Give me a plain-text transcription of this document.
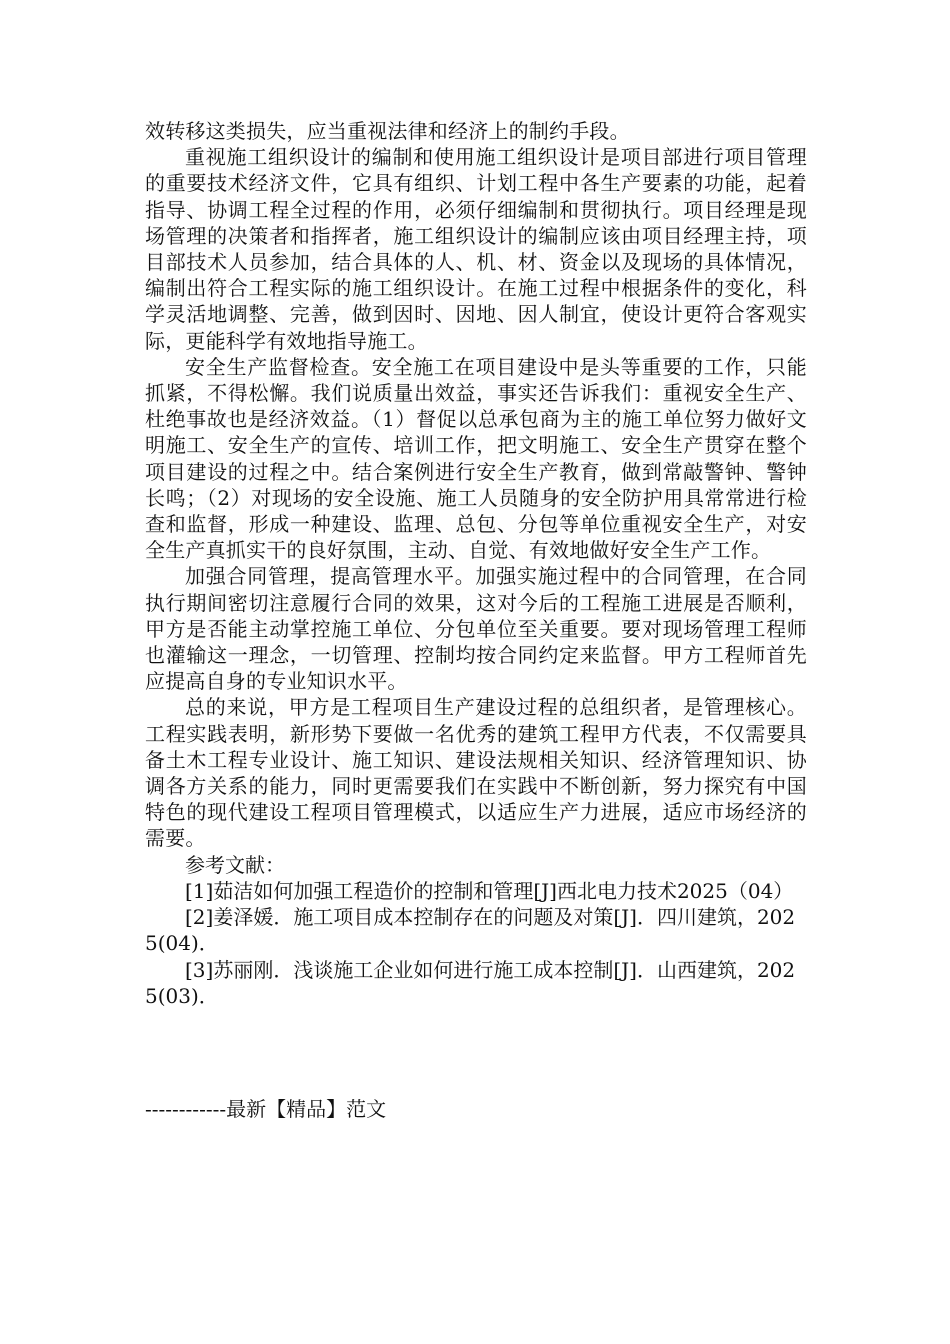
效转移这类损失，应当重视法律和经济上的制约手段。

重视施工组织设计的编制和使用施工组织设计是项目部进行项目管理的重要技术经济文件，它具有组织、计划工程中各生产要素的功能，起着指导、协调工程全过程的作用，必须仔细编制和贯彻执行。项目经理是现场管理的决策者和指挥者，施工组织设计的编制应该由项目经理主持，项目部技术人员参加，结合具体的人、机、材、资金以及现场的具体情况，编制出符合工程实际的施工组织设计。在施工过程中根据条件的变化，科学灵活地调整、完善，做到因时、因地、因人制宜，使设计更符合客观实际，更能科学有效地指导施工。

安全生产监督检查。安全施工在项目建设中是头等重要的工作，只能抓紧，不得松懈。我们说质量出效益，事实还告诉我们：重视安全生产、杜绝事故也是经济效益。（1）督促以总承包商为主的施工单位努力做好文明施工、安全生产的宣传、培训工作，把文明施工、安全生产贯穿在整个项目建设的过程之中。结合案例进行安全生产教育，做到常敲警钟、警钟长鸣；（2）对现场的安全设施、施工人员随身的安全防护用具常常进行检查和监督，形成一种建设、监理、总包、分包等单位重视安全生产，对安全生产真抓实干的良好氛围，主动、自觉、有效地做好安全生产工作。

加强合同管理，提高管理水平。加强实施过程中的合同管理，在合同执行期间密切注意履行合同的效果，这对今后的工程施工进展是否顺利，甲方是否能主动掌控施工单位、分包单位至关重要。要对现场管理工程师也灌输这一理念，一切管理、控制均按合同约定来监督。甲方工程师首先应提高自身的专业知识水平。

总的来说，甲方是工程项目生产建设过程的总组织者，是管理核心。工程实践表明，新形势下要做一名优秀的建筑工程甲方代表，不仅需要具备土木工程专业设计、施工知识、建设法规相关知识、经济管理知识、协调各方关系的能力，同时更需要我们在实践中不断创新，努力探究有中国特色的现代建设工程项目管理模式，以适应生产力进展，适应市场经济的需要。

参考文献：

[1]茹洁如何加强工程造价的控制和管理[J]西北电力技术2025（04）

[2]姜泽媛．施工项目成本控制存在的问题及对策[J]．四川建筑，2025(04)．

[3]苏丽刚．浅谈施工企业如何进行施工成本控制[J]．山西建筑，2025(03)．

------------最新【精品】范文
